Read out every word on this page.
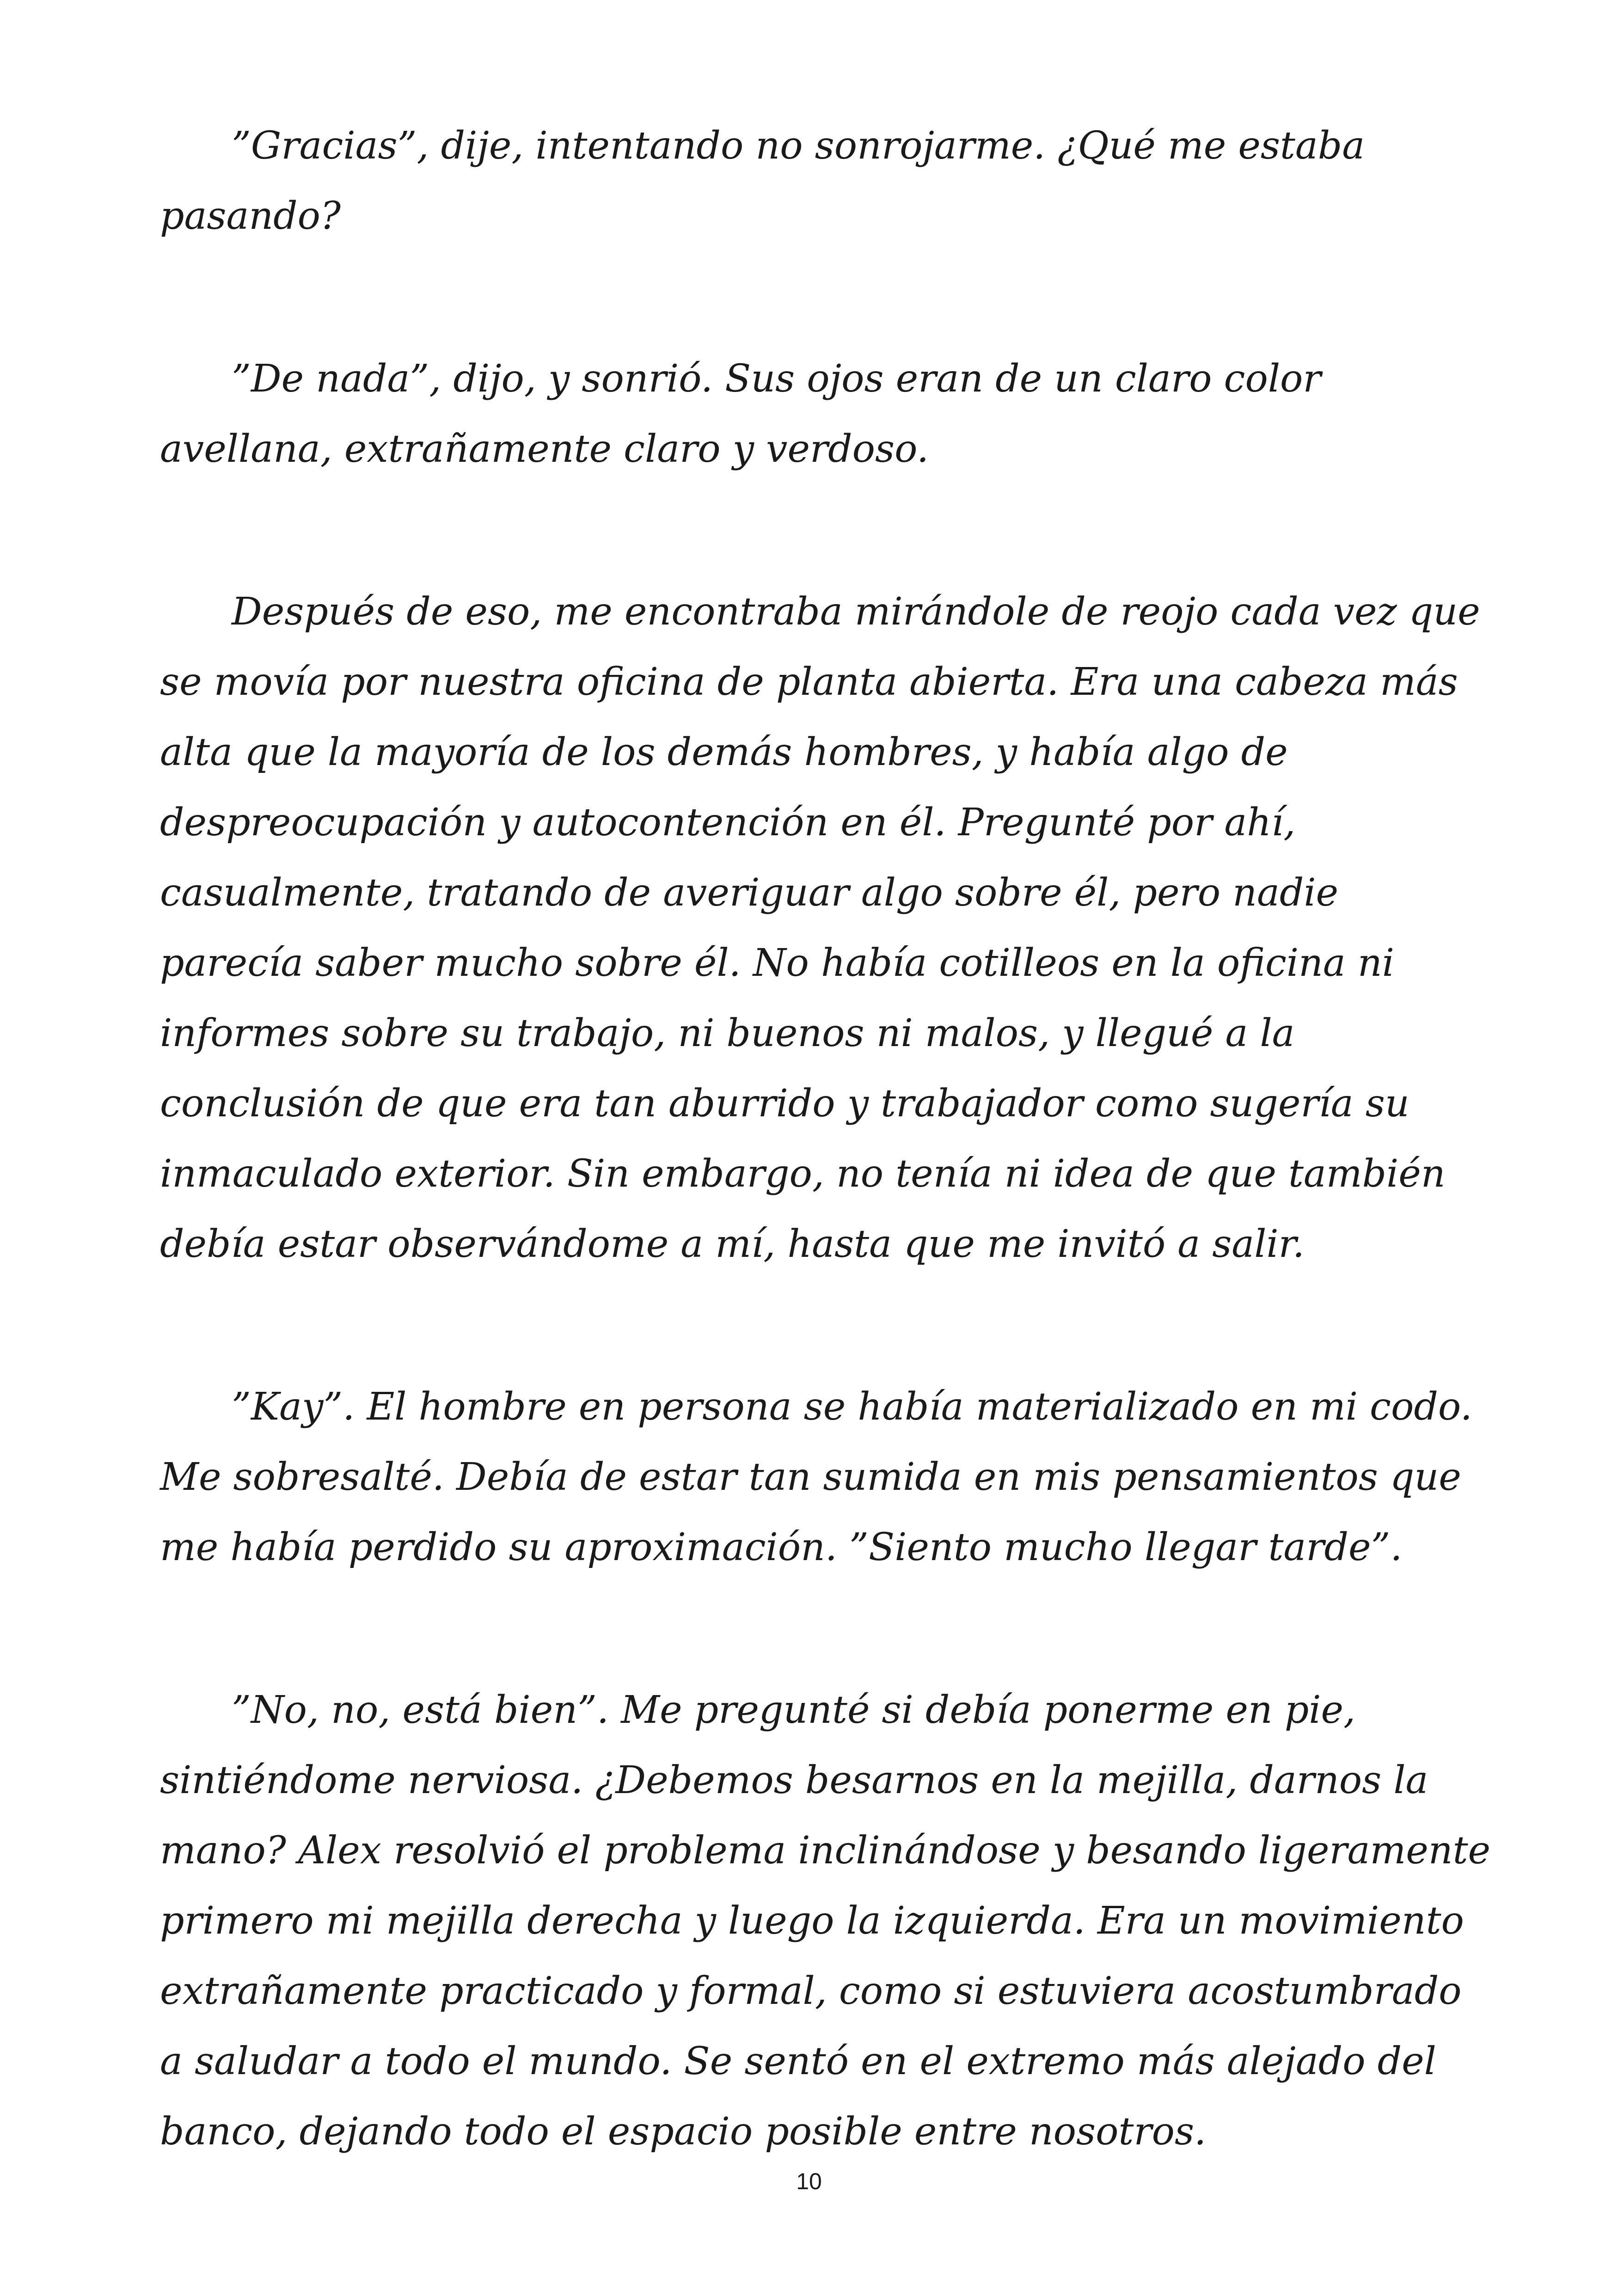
”Gracias”, dije, intentando no sonrojarme. ¿Qué me estaba pasando?

”De nada”, dijo, y sonrió. Sus ojos eran de un claro color avellana, extrañamente claro y verdoso.

Después de eso, me encontraba mirándole de reojo cada vez que se movía por nuestra oficina de planta abierta. Era una cabeza más alta que la mayoría de los demás hombres, y había algo de despreocupación y autocontención en él. Pregunté por ahí, casualmente, tratando de averiguar algo sobre él, pero nadie parecía saber mucho sobre él. No había cotilleos en la oficina ni informes sobre su trabajo, ni buenos ni malos, y llegué a la conclusión de que era tan aburrido y trabajador como sugería su inmaculado exterior. Sin embargo, no tenía ni idea de que también debía estar observándome a mí, hasta que me invitó a salir.

”Kay”. El hombre en persona se había materializado en mi codo. Me sobresalté. Debía de estar tan sumida en mis pensamientos que me había perdido su aproximación. ”Siento mucho llegar tarde”.

”No, no, está bien”. Me pregunté si debía ponerme en pie, sintiéndome nerviosa. ¿Debemos besarnos en la mejilla, darnos la mano? Alex resolvió el problema inclinándose y besando ligeramente primero mi mejilla derecha y luego la izquierda. Era un movimiento extrañamente practicado y formal, como si estuviera acostumbrado a saludar a todo el mundo. Se sentó en el extremo más alejado del banco, dejando todo el espacio posible entre nosotros.

10
